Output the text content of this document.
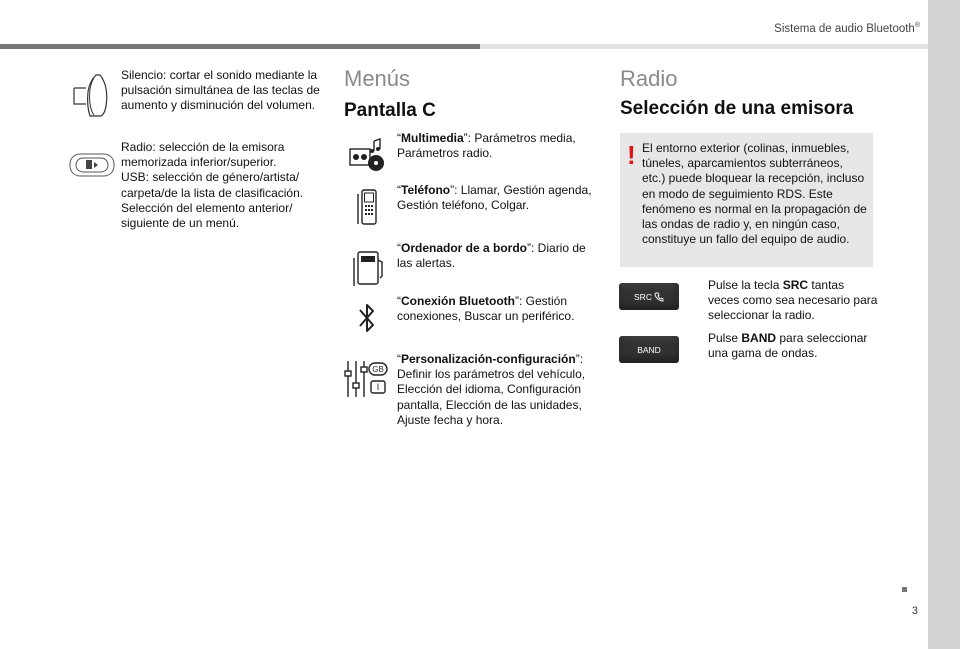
Sistema de audio Bluetooth®
Silencio: cortar el sonido mediante la pulsación simultánea de las teclas de aumento y disminución del volumen.
Radio: selección de la emisora memorizada inferior/superior.
USB: selección de género/artista/ carpeta/de la lista de clasificación.
Selección del elemento anterior/ siguiente de un menú.
Menús
Pantalla C
“Multimedia”: Parámetros media, Parámetros radio.
“Teléfono”: Llamar, Gestión agenda, Gestión teléfono, Colgar.
“Ordenador de a bordo”: Diario de las alertas.
“Conexión Bluetooth”: Gestión conexiones, Buscar un periférico.
GB
I
“Personalización-configuración”: Definir los parámetros del vehículo, Elección del idioma, Configuración pantalla, Elección de las unidades, Ajuste fecha y hora.
Radio
Selección de una emisora
! El entorno exterior (colinas, inmuebles, túneles, aparcamientos subterráneos, etc.) puede bloquear la recepción, incluso en modo de seguimiento RDS. Este fenómeno es normal en la propagación de las ondas de radio y, en ningún caso, constituye un fallo del equipo de audio.
SRC
Pulse la tecla SRC tantas veces como sea necesario para seleccionar la radio.
BAND
Pulse BAND para seleccionar una gama de ondas.
3
